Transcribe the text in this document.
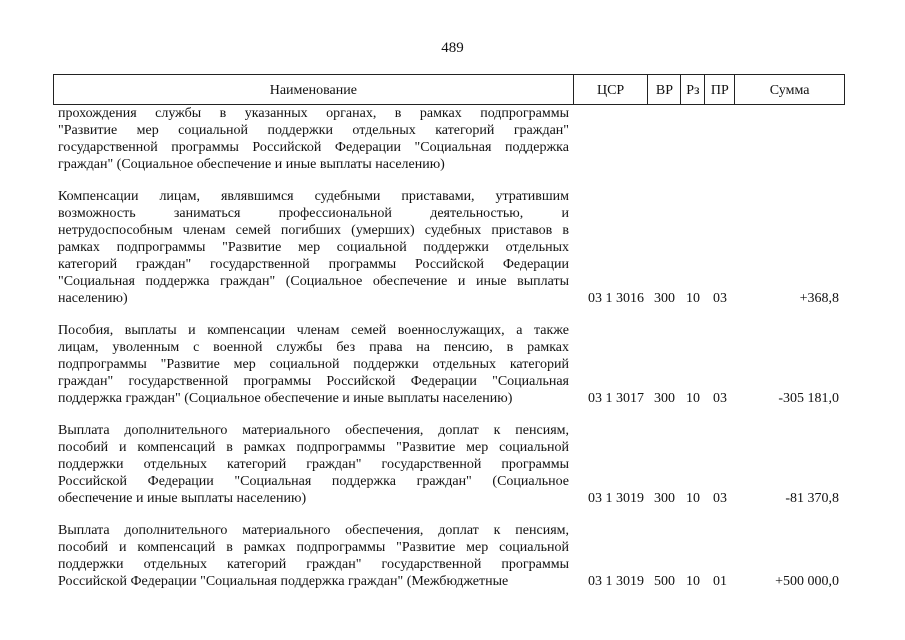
489
Наименование	ЦСР	ВР Рз ПР	Сумма
прохождения службы в указанных органах, в рамках подпрограммы
"Развитие мер социальной поддержки отдельных категорий граждан"
государственной программы Российской Федерации "Социальная поддержка
граждан" (Социальное обеспечение и иные выплаты населению)
Компенсации лицам, являвшимся судебными приставами, утратившим
возможность заниматься профессиональной деятельностью, и
нетрудоспособным членам семей погибших (умерших) судебных приставов в
рамках подпрограммы "Развитие мер социальной поддержки отдельных
категорий граждан" государственной программы Российской Федерации
"Социальная поддержка граждан" (Социальное обеспечение и иные выплаты
населению)	03 1 3016 300 10 03	+368,8
Пособия, выплаты и компенсации членам семей военнослужащих, а также
лицам, уволенным с военной службы без права на пенсию, в рамках
подпрограммы "Развитие мер социальной поддержки отдельных категорий
граждан" государственной программы Российской Федерации "Социальная
поддержка граждан" (Социальное обеспечение и иные выплаты населению)	03 1 3017 300 10 03	-305 181,0
Выплата дополнительного материального обеспечения, доплат к пенсиям,
пособий и компенсаций в рамках подпрограммы "Развитие мер социальной
поддержки отдельных категорий граждан" государственной программы
Российской Федерации "Социальная поддержка граждан" (Социальное
обеспечение и иные выплаты населению)	03 1 3019 300 10 03	-81 370,8
Выплата дополнительного материального обеспечения, доплат к пенсиям,
пособий и компенсаций в рамках подпрограммы "Развитие мер социальной
поддержки отдельных категорий граждан" государственной программы
Российской Федерации "Социальная поддержка граждан" (Межбюджетные	03 1 3019 500 10 01	+500 000,0
